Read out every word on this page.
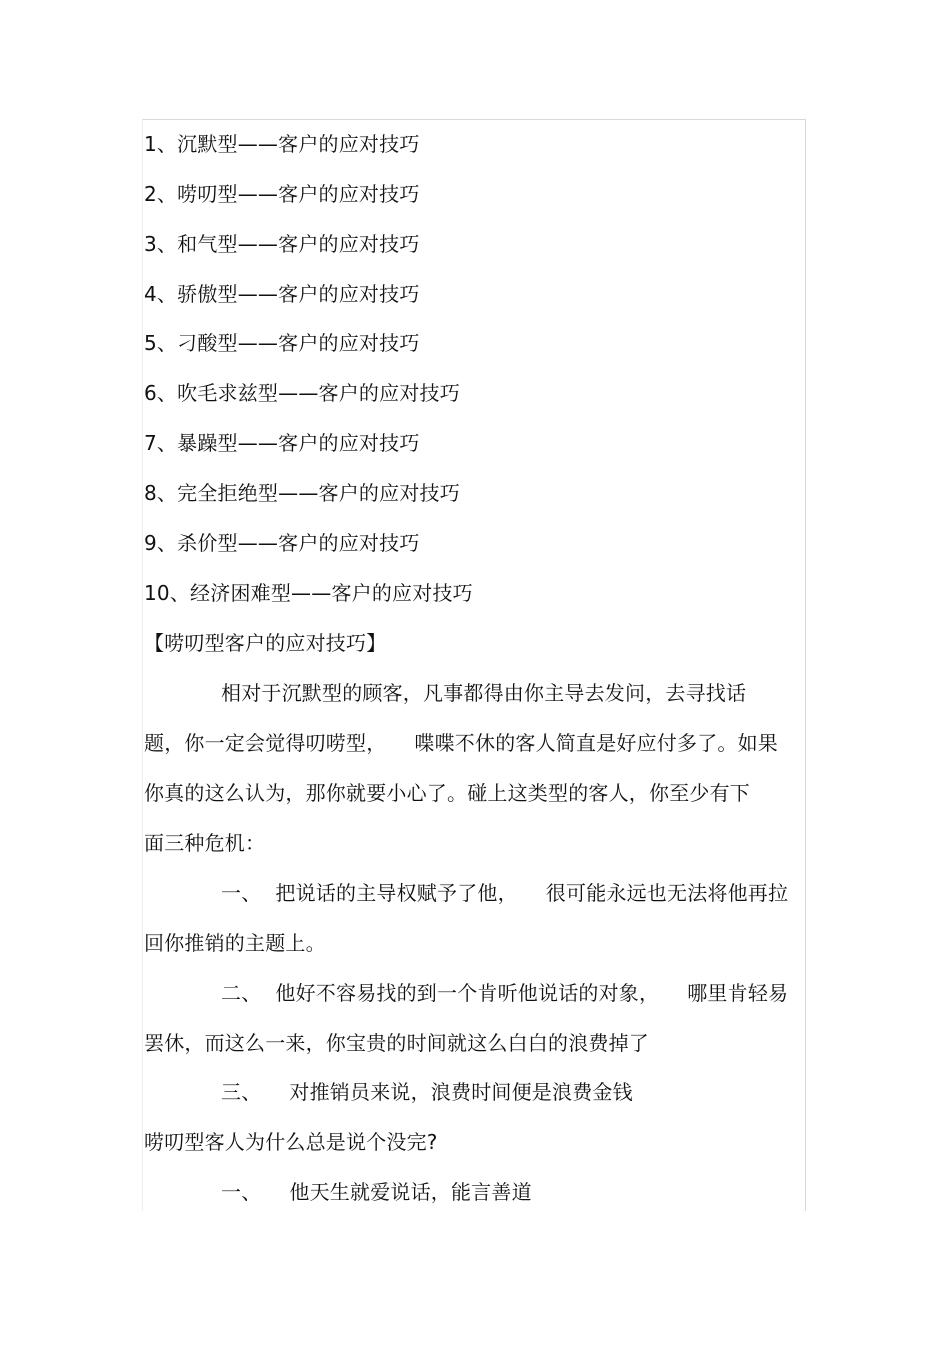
1、沉默型——客户的应对技巧
2、唠叨型——客户的应对技巧
3、和气型——客户的应对技巧
4、骄傲型——客户的应对技巧
5、刁酸型——客户的应对技巧
6、吹毛求兹型——客户的应对技巧
7、暴躁型——客户的应对技巧
8、完全拒绝型——客户的应对技巧
9、杀价型——客户的应对技巧
10、经济困难型——客户的应对技巧
【唠叨型客户的应对技巧】
相对于沉默型的顾客，凡事都得由你主导去发问，去寻找话
题，你一定会觉得叨唠型， 喋喋不休的客人简直是好应付多了。如果
你真的这么认为，那你就要小心了。碰上这类型的客人，你至少有下
面三种危机：
一、 把说话的主导权赋予了他， 很可能永远也无法将他再拉
回你推销的主题上。
二、 他好不容易找的到一个肯听他说话的对象， 哪里肯轻易
罢休，而这么一来，你宝贵的时间就这么白白的浪费掉了
三、 对推销员来说，浪费时间便是浪费金钱
唠叨型客人为什么总是说个没完?
一、 他天生就爱说话，能言善道
